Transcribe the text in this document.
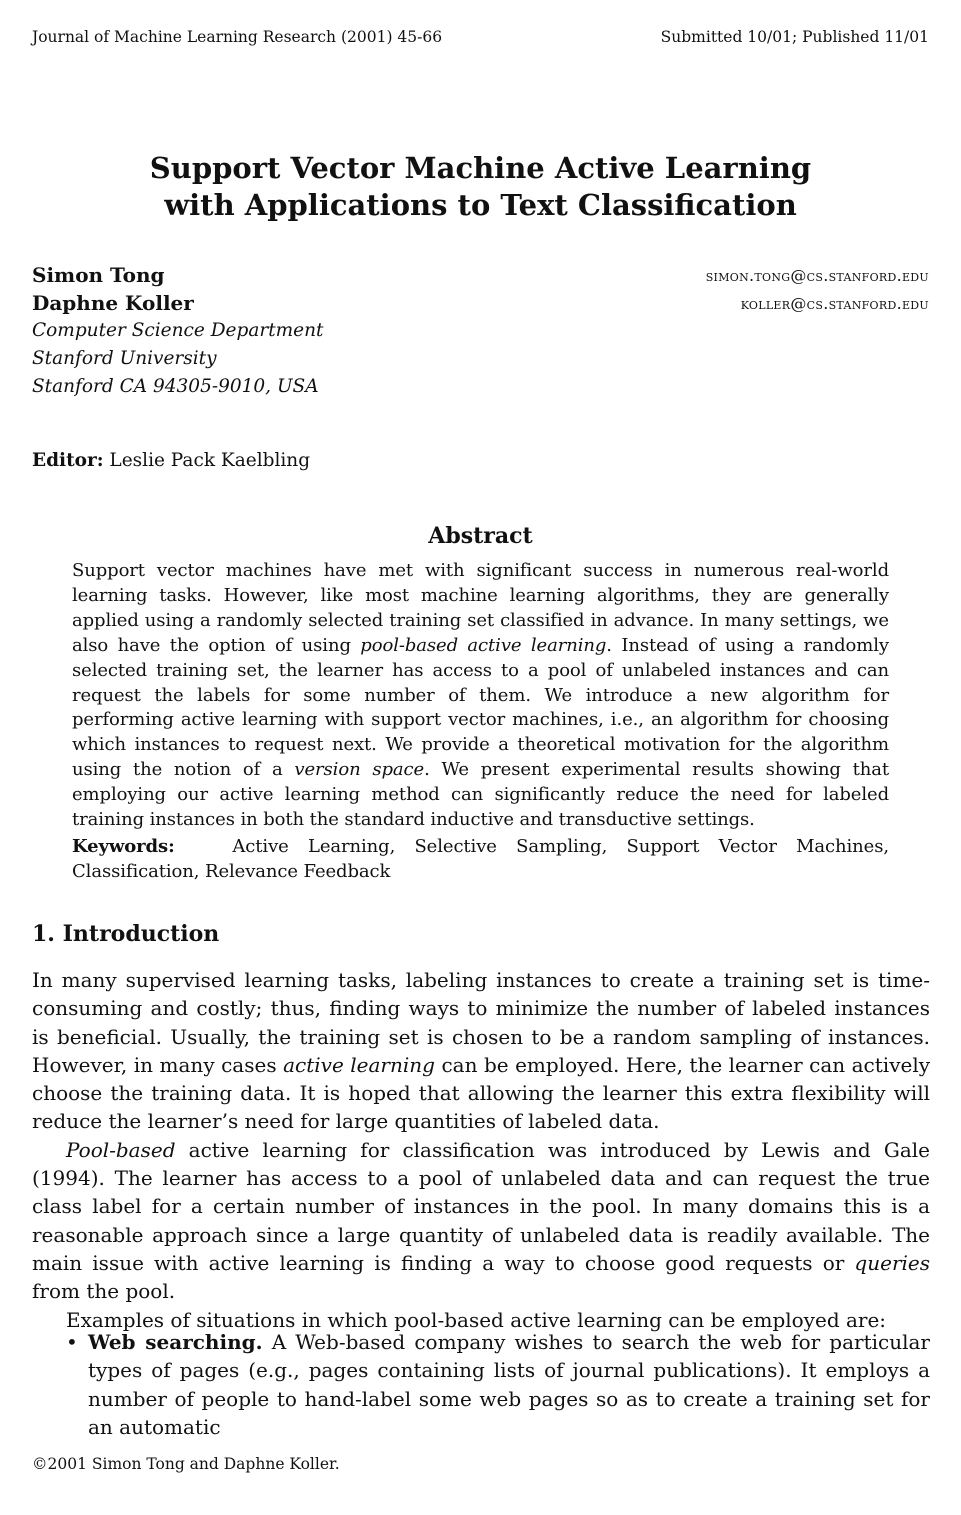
Journal of Machine Learning Research (2001) 45-66	Submitted 10/01; Published 11/01
Support Vector Machine Active Learning
with Applications to Text Classification
Simon Tong	simon.tong@cs.stanford.edu
Daphne Koller	koller@cs.stanford.edu
Computer Science Department
Stanford University
Stanford CA 94305-9010, USA
Editor: Leslie Pack Kaelbling
Abstract

Support vector machines have met with significant success in numerous real-world learning tasks. However, like most machine learning algorithms, they are generally applied using a randomly selected training set classified in advance. In many settings, we also have the option of using pool-based active learning. Instead of using a randomly selected training set, the learner has access to a pool of unlabeled instances and can request the labels for some number of them. We introduce a new algorithm for performing active learning with support vector machines, i.e., an algorithm for choosing which instances to request next. We provide a theoretical motivation for the algorithm using the notion of a version space. We present experimental results showing that employing our active learning method can significantly reduce the need for labeled training instances in both the standard inductive and transductive settings.

Keywords:	Active Learning, Selective Sampling, Support Vector Machines, Classification, Relevance Feedback

1. Introduction

In many supervised learning tasks, labeling instances to create a training set is time-consuming and costly; thus, finding ways to minimize the number of labeled instances is beneficial. Usually, the training set is chosen to be a random sampling of instances. However, in many cases active learning can be employed. Here, the learner can actively choose the training data. It is hoped that allowing the learner this extra flexibility will reduce the learner’s need for large quantities of labeled data.

Pool-based active learning for classification was introduced by Lewis and Gale (1994). The learner has access to a pool of unlabeled data and can request the true class label for a certain number of instances in the pool. In many domains this is a reasonable approach since a large quantity of unlabeled data is readily available. The main issue with active learning is finding a way to choose good requests or queries from the pool.

Examples of situations in which pool-based active learning can be employed are:

• Web searching. A Web-based company wishes to search the web for particular types of pages (e.g., pages containing lists of journal publications). It employs a number of people to hand-label some web pages so as to create a training set for an automatic
©2001 Simon Tong and Daphne Koller.
